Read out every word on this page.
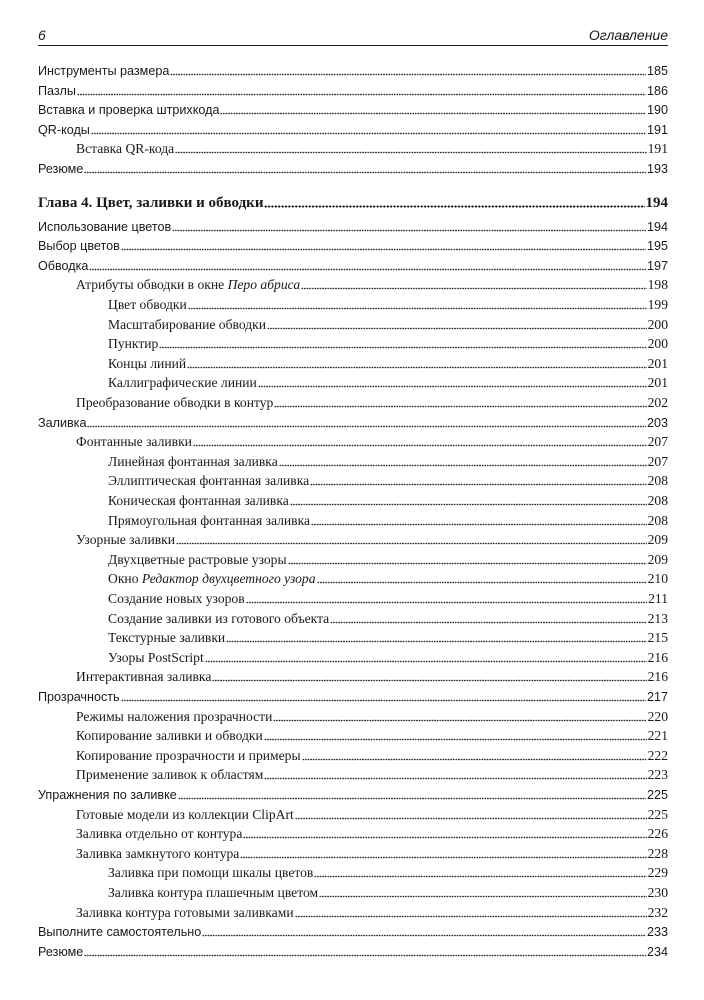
6	Оглавление
Инструменты размера	185
Пазлы	186
Вставка и проверка штрихкода	190
QR-коды	191
Вставка QR-кода	191
Резюме	193
Глава 4. Цвет, заливки и обводки	194
Использование цветов	194
Выбор цветов	195
Обводка	197
Атрибуты обводки в окне Перо абриса	198
Цвет обводки	199
Масштабирование обводки	200
Пунктир	200
Концы линий	201
Каллиграфические линии	201
Преобразование обводки в контур	202
Заливка	203
Фонтанные заливки	207
Линейная фонтанная заливка	207
Эллиптическая фонтанная заливка	208
Коническая фонтанная заливка	208
Прямоугольная фонтанная заливка	208
Узорные заливки	209
Двухцветные растровые узоры	209
Окно Редактор двухцветного узора	210
Создание новых узоров	211
Создание заливки из готового объекта	213
Текстурные заливки	215
Узоры PostScript	216
Интерактивная заливка	216
Прозрачность	217
Режимы наложения прозрачности	220
Копирование заливки и обводки	221
Копирование прозрачности и примеры	222
Применение заливок к областям	223
Упражнения по заливке	225
Готовые модели из коллекции ClipArt	225
Заливка отдельно от контура	226
Заливка замкнутого контура	228
Заливка при помощи шкалы цветов	229
Заливка контура плашечным цветом	230
Заливка контура готовыми заливками	232
Выполните самостоятельно	233
Резюме	234
